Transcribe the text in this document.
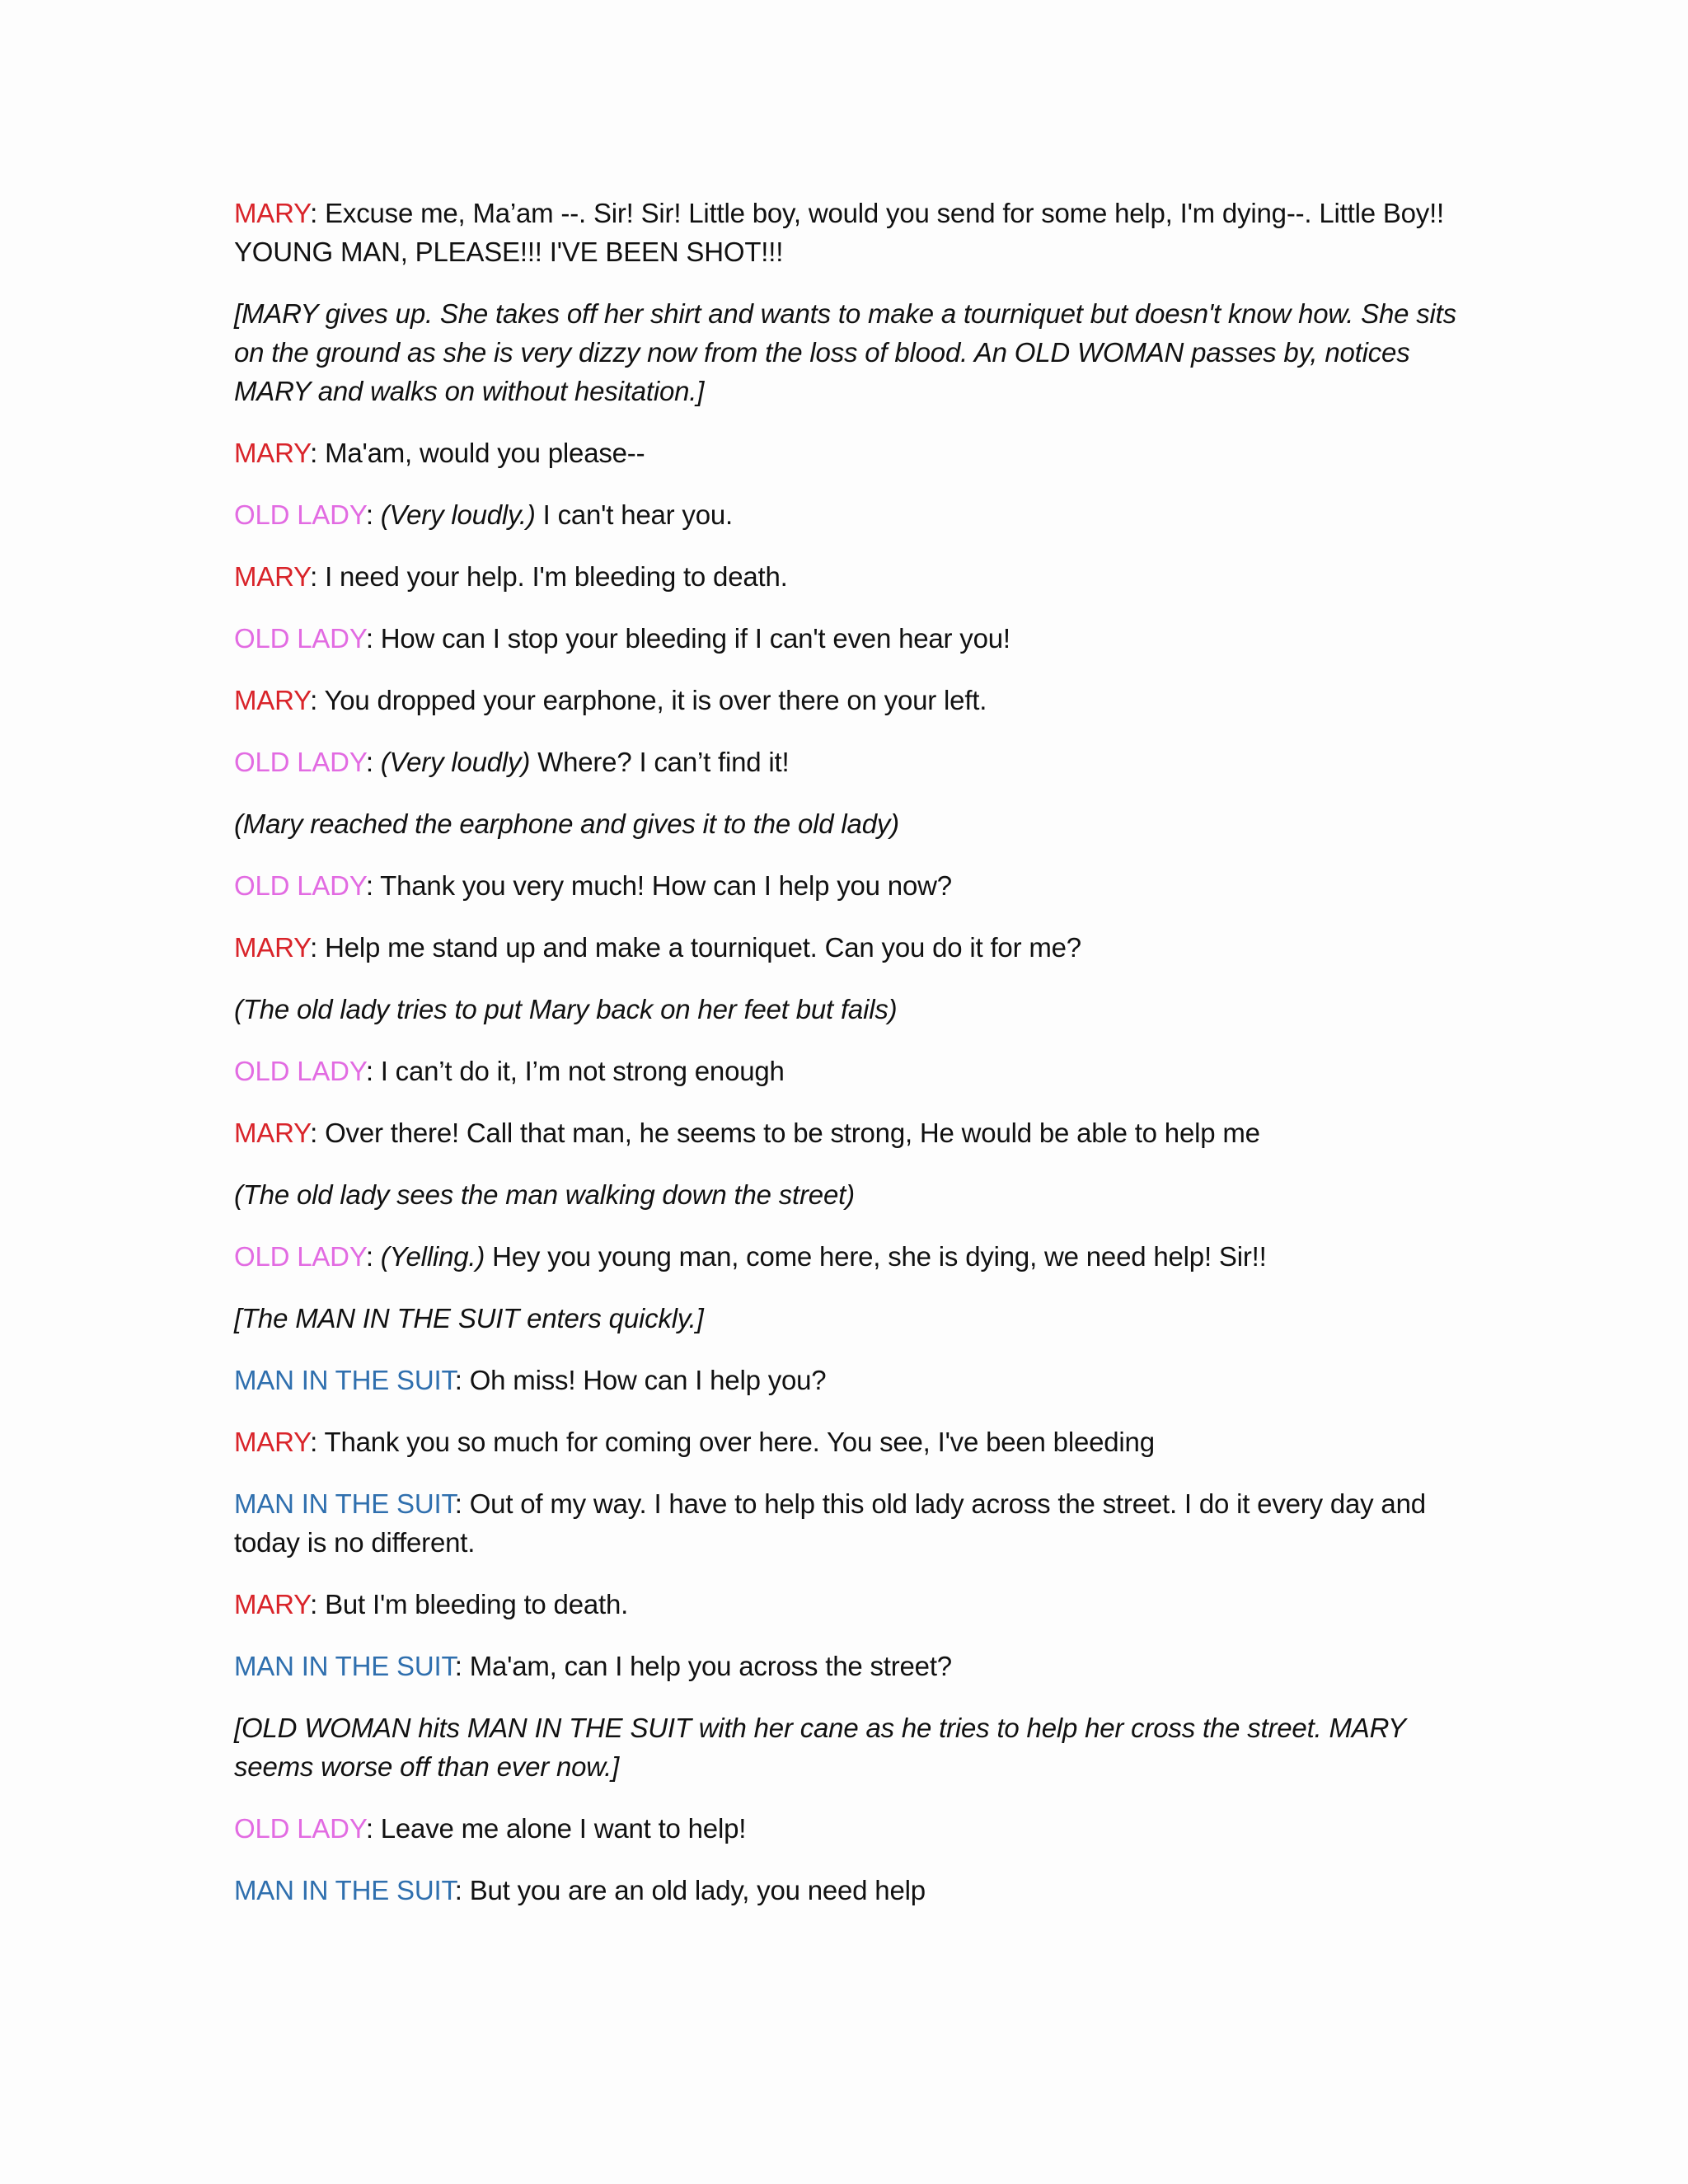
MARY: Excuse me, Ma’am --. Sir! Sir! Little boy, would you send for some help, I'm dying--. Little Boy!! YOUNG MAN, PLEASE!!! I'VE BEEN SHOT!!!

[MARY gives up. She takes off her shirt and wants to make a tourniquet but doesn't know how. She sits on the ground as she is very dizzy now from the loss of blood. An OLD WOMAN passes by, notices MARY and walks on without hesitation.]

MARY: Ma'am, would you please--

OLD LADY: (Very loudly.) I can't hear you.

MARY: I need your help. I'm bleeding to death.

OLD LADY: How can I stop your bleeding if I can't even hear you!

MARY: You dropped your earphone, it is over there on your left.

OLD LADY: (Very loudly) Where? I can’t find it!

(Mary reached the earphone and gives it to the old lady)

OLD LADY: Thank you very much! How can I help you now?

MARY: Help me stand up and make a tourniquet. Can you do it for me?

(The old lady tries to put Mary back on her feet but fails)

OLD LADY: I can’t do it, I’m not strong enough

MARY: Over there! Call that man, he seems to be strong, He would be able to help me

(The old lady sees the man walking down the street)

OLD LADY: (Yelling.) Hey you young man, come here, she is dying, we need help! Sir!!

[The MAN IN THE SUIT enters quickly.]

MAN IN THE SUIT: Oh miss! How can I help you?

MARY: Thank you so much for coming over here. You see, I've been bleeding

MAN IN THE SUIT: Out of my way. I have to help this old lady across the street. I do it every day and today is no different.

MARY: But I'm bleeding to death.

MAN IN THE SUIT: Ma'am, can I help you across the street?

[OLD WOMAN hits MAN IN THE SUIT with her cane as he tries to help her cross the street. MARY seems worse off than ever now.]

OLD LADY: Leave me alone I want to help!

MAN IN THE SUIT: But you are an old lady, you need help
